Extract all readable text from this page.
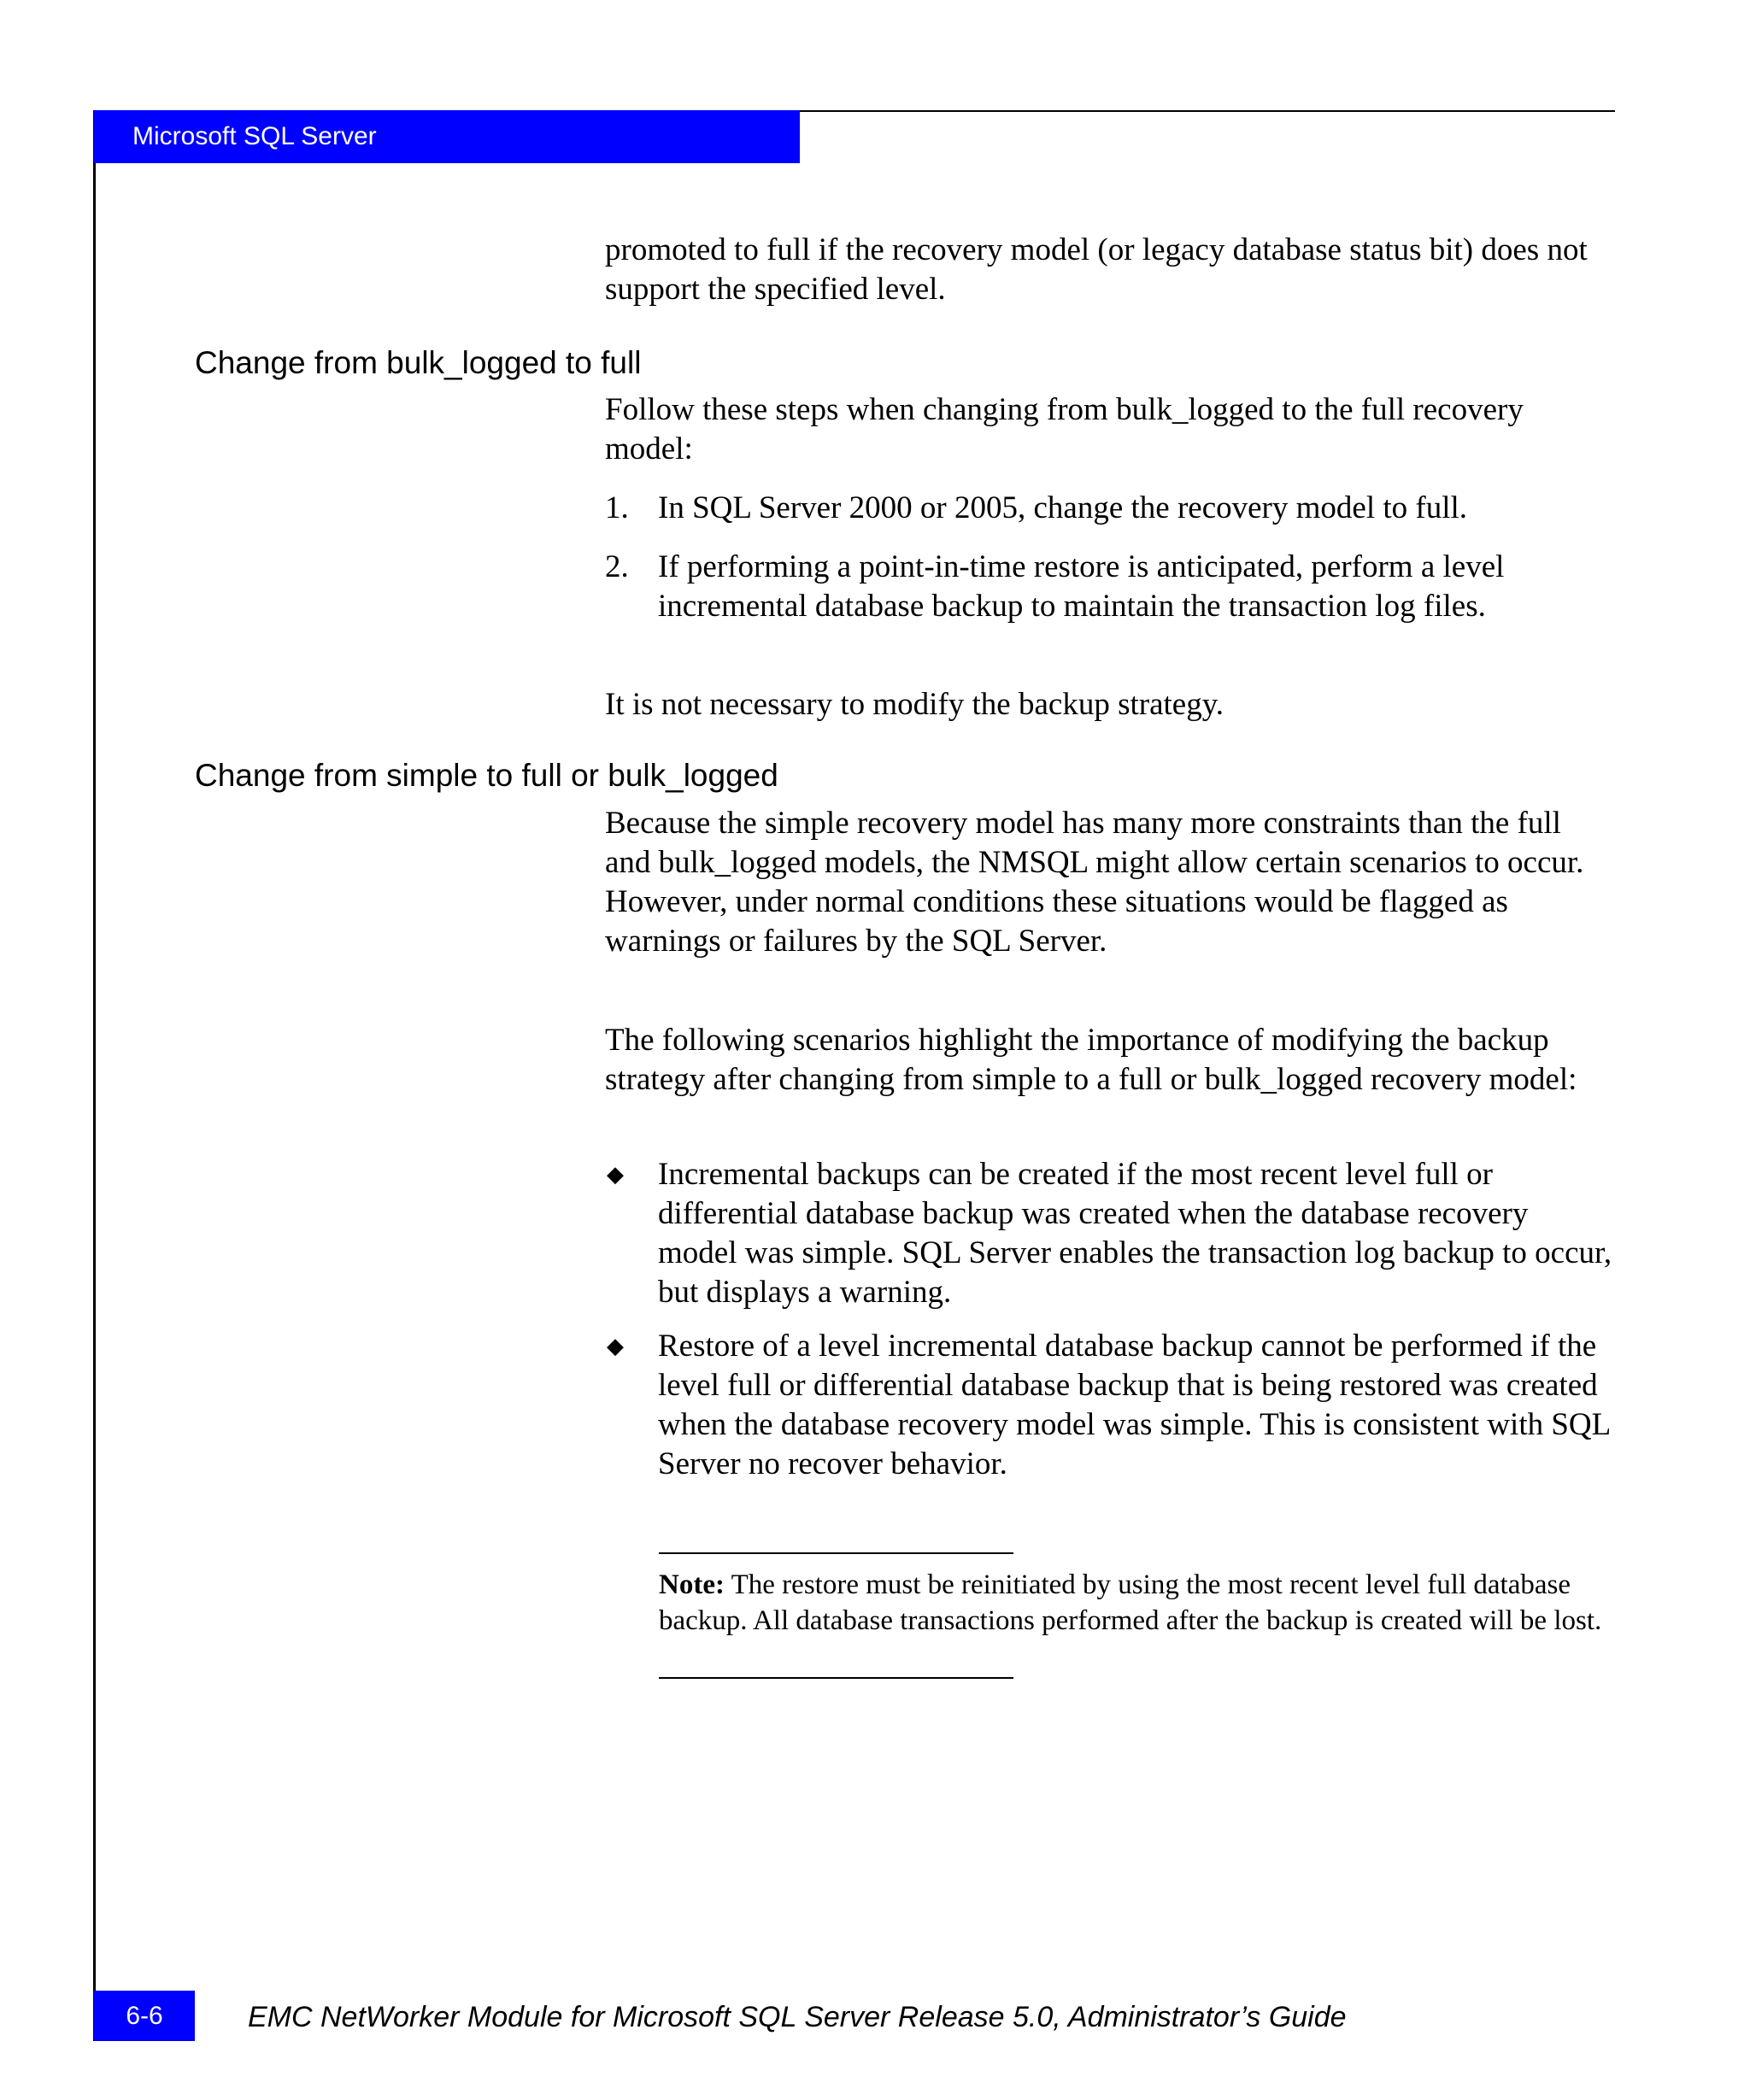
Microsoft SQL Server

promoted to full if the recovery model (or legacy database status bit) does not support the specified level.

Change from bulk_logged to full

Follow these steps when changing from bulk_logged to the full recovery model:

1. In SQL Server 2000 or 2005, change the recovery model to full.
2. If performing a point-in-time restore is anticipated, perform a level incremental database backup to maintain the transaction log files.

It is not necessary to modify the backup strategy.

Change from simple to full or bulk_logged

Because the simple recovery model has many more constraints than the full and bulk_logged models, the NMSQL might allow certain scenarios to occur. However, under normal conditions these situations would be flagged as warnings or failures by the SQL Server.

The following scenarios highlight the importance of modifying the backup strategy after changing from simple to a full or bulk_logged recovery model:

◆ Incremental backups can be created if the most recent level full or differential database backup was created when the database recovery model was simple. SQL Server enables the transaction log backup to occur, but displays a warning.
◆ Restore of a level incremental database backup cannot be performed if the level full or differential database backup that is being restored was created when the database recovery model was simple. This is consistent with SQL Server no recover behavior.
Note: The restore must be reinitiated by using the most recent level full database backup. All database transactions performed after the backup is created will be lost.
6-6	EMC NetWorker Module for Microsoft SQL Server Release 5.0, Administrator’s Guide
